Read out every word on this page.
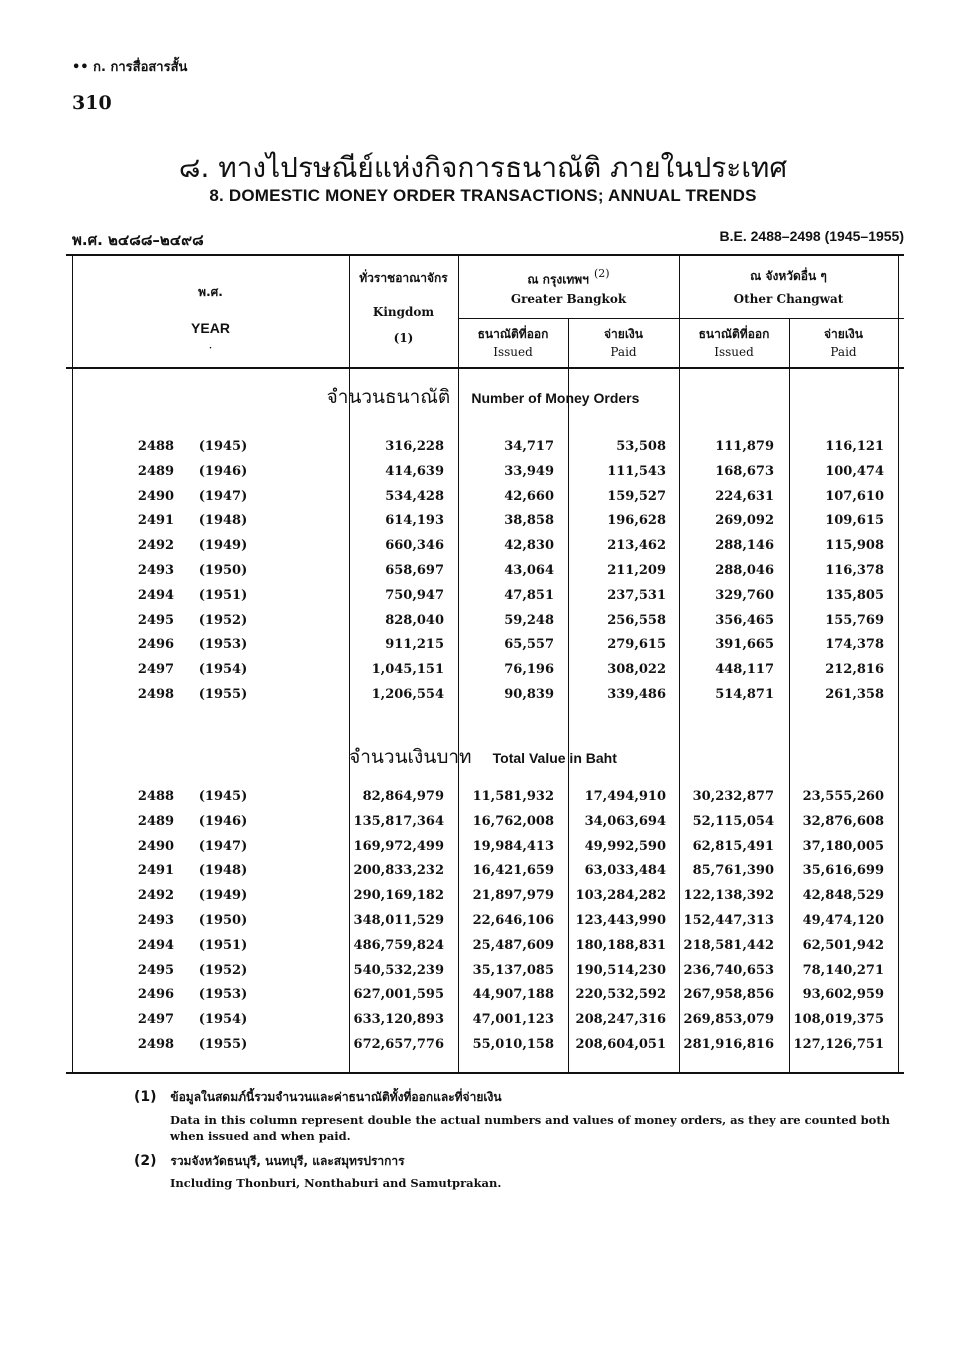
•• ก. การสื่อสารสั้น
310
๘. ทางไปรษณีย์แห่งกิจการธนาณัติ ภายในประเทศ
8. DOMESTIC MONEY ORDER TRANSACTIONS; ANNUAL TRENDS
พ.ศ. ๒๔๘๘–๒๔๙๘	B.E. 2488–2498 (1945–1955)
พ.ศ.
YEAR
·
ทั่วราชอาณาจักร
Kingdom
(1)
ณ กรุงเทพฯ $^{(2)}$
Greater Bangkok
ณ จังหวัดอื่น ๆ
Other Changwat
ธนาณัติที่ออก
Issued
จ่ายเงิน
Paid
ธนาณัติที่ออก
Issued
จ่ายเงิน
Paid
จำนวนธนาณัติ Number of Money Orders
2488 (1945)	316,228	34,717	53,508	111,879	116,121
2489 (1946)	414,639	33,949	111,543	168,673	100,474
2490 (1947)	534,428	42,660	159,527	224,631	107,610
2491 (1948)	614,193	38,858	196,628	269,092	109,615
2492 (1949)	660,346	42,830	213,462	288,146	115,908
2493 (1950)	658,697	43,064	211,209	288,046	116,378
2494 (1951)	750,947	47,851	237,531	329,760	135,805
2495 (1952)	828,040	59,248	256,558	356,465	155,769
2496 (1953)	911,215	65,557	279,615	391,665	174,378
2497 (1954)	1,045,151	76,196	308,022	448,117	212,816
2498 (1955)	1,206,554	90,839	339,486	514,871	261,358
จำนวนเงินบาท Total Value in Baht
2488 (1945)	82,864,979	11,581,932	17,494,910	30,232,877	23,555,260
2489 (1946)	135,817,364	16,762,008	34,063,694	52,115,054	32,876,608
2490 (1947)	169,972,499	19,984,413	49,992,590	62,815,491	37,180,005
2491 (1948)	200,833,232	16,421,659	63,033,484	85,761,390	35,616,699
2492 (1949)	290,169,182	21,897,979	103,284,282 122,138,392	42,848,529
2493 (1950)	348,011,529	22,646,106	123,443,990 152,447,313	49,474,120
2494 (1951)	486,759,824	25,487,609	180,188,831 218,581,442	62,501,942
2495 (1952)	540,532,239	35,137,085	190,514,230 236,740,653	78,140,271
2496 (1953)	627,001,595	44,907,188	220,532,592 267,958,856	93,602,959
2497 (1954)	633,120,893	47,001,123	208,247,316 269,853,079 108,019,375
2498 (1955)	672,657,776	55,010,158	208,604,051 281,916,816 127,126,751
(1) ข้อมูลในสดมภ์นี้รวมจำนวนและค่าธนาณัติทั้งที่ออกและที่จ่ายเงิน
Data in this column represent double the actual numbers and values of money orders, as they are counted both when issued and when paid.
(2) รวมจังหวัดธนบุรี, นนทบุรี, และสมุทรปราการ
Including Thonburi, Nonthaburi and Samutprakan.
